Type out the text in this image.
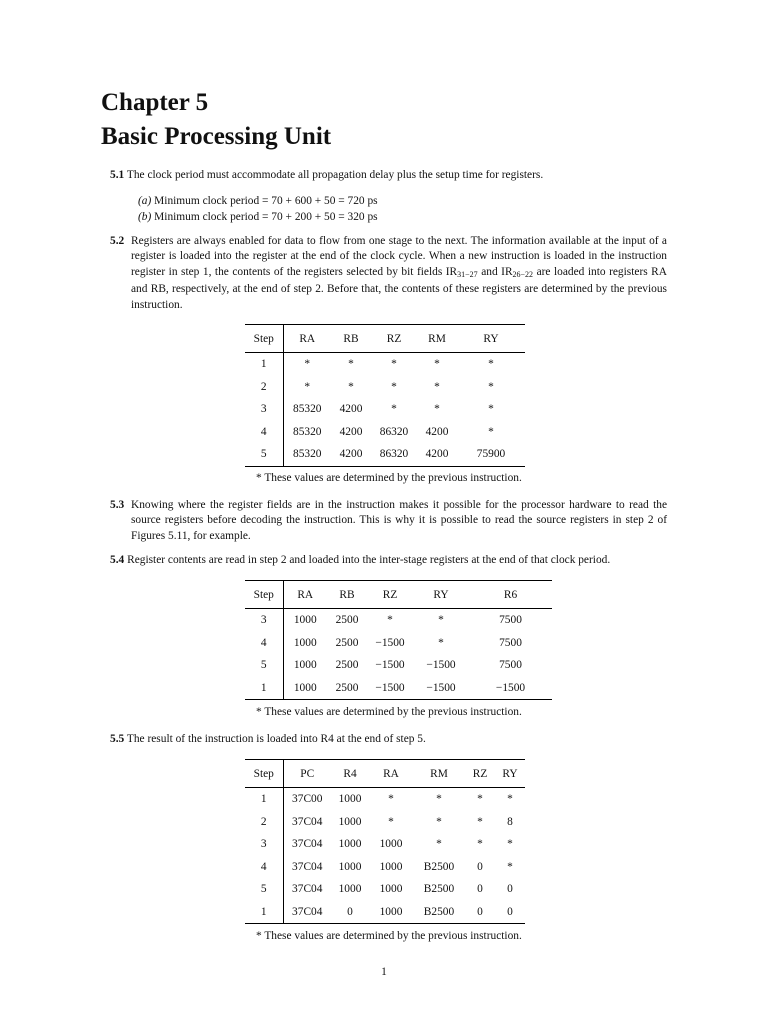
Chapter 5
Basic Processing Unit
5.1 The clock period must accommodate all propagation delay plus the setup time for registers.
(a) Minimum clock period = 70 + 600 + 50 = 720 ps
(b) Minimum clock period = 70 + 200 + 50 = 320 ps
5.2 Registers are always enabled for data to flow from one stage to the next. The information available at the input of a register is loaded into the register at the end of the clock cycle. When a new instruction is loaded in the instruction register in step 1, the contents of the registers selected by bit fields $IR_{31-27}$ and $IR_{26-22}$ are loaded into registers RA and RB, respectively, at the end of step 2. Before that, the contents of these registers are determined by the previous instruction.
Step	RA	RB	RZ	RM	RY
1	*	*	*	*	*
2	*	*	*	*	*
3	85320	4200	*	*	*
4	85320	4200	86320	4200	*
5	85320	4200	86320	4200	75900
* These values are determined by the previous instruction.
5.3 Knowing where the register fields are in the instruction makes it possible for the processor hardware to read the source registers before decoding the instruction. This is why it is possible to read the source registers in step 2 of Figures 5.11, for example.
5.4 Register contents are read in step 2 and loaded into the inter-stage registers at the end of that clock period.
Step	RA	RB	RZ	RY	R6
3	1000	2500	*	*	7500
4	1000	2500	−1500	*	7500
5	1000	2500	−1500	−1500	7500
1	1000	2500	−1500	−1500	−1500
* These values are determined by the previous instruction.
5.5 The result of the instruction is loaded into R4 at the end of step 5.
Step	PC	R4	RA	RM	RZ	RY
1	37C00	1000	*	*	*	*
2	37C04	1000	*	*	*	8
3	37C04	1000	1000	*	*	*
4	37C04	1000	1000	B2500	0	*
5	37C04	1000	1000	B2500	0	0
1	37C04	0	1000	B2500	0	0
* These values are determined by the previous instruction.
1
